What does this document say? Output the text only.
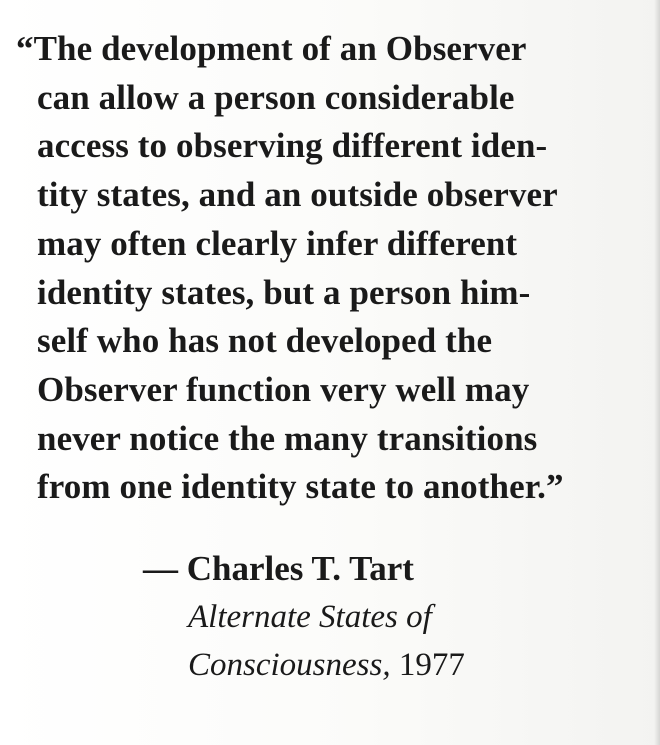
“The development of an Observer
can allow a person considerable
access to observing different iden-
tity states, and an outside observer
may often clearly infer different
identity states, but a person him-
self who has not developed the
Observer function very well may
never notice the many transitions
from one identity state to another.”

— Charles T. Tart
Alternate States of
Consciousness, 1977
